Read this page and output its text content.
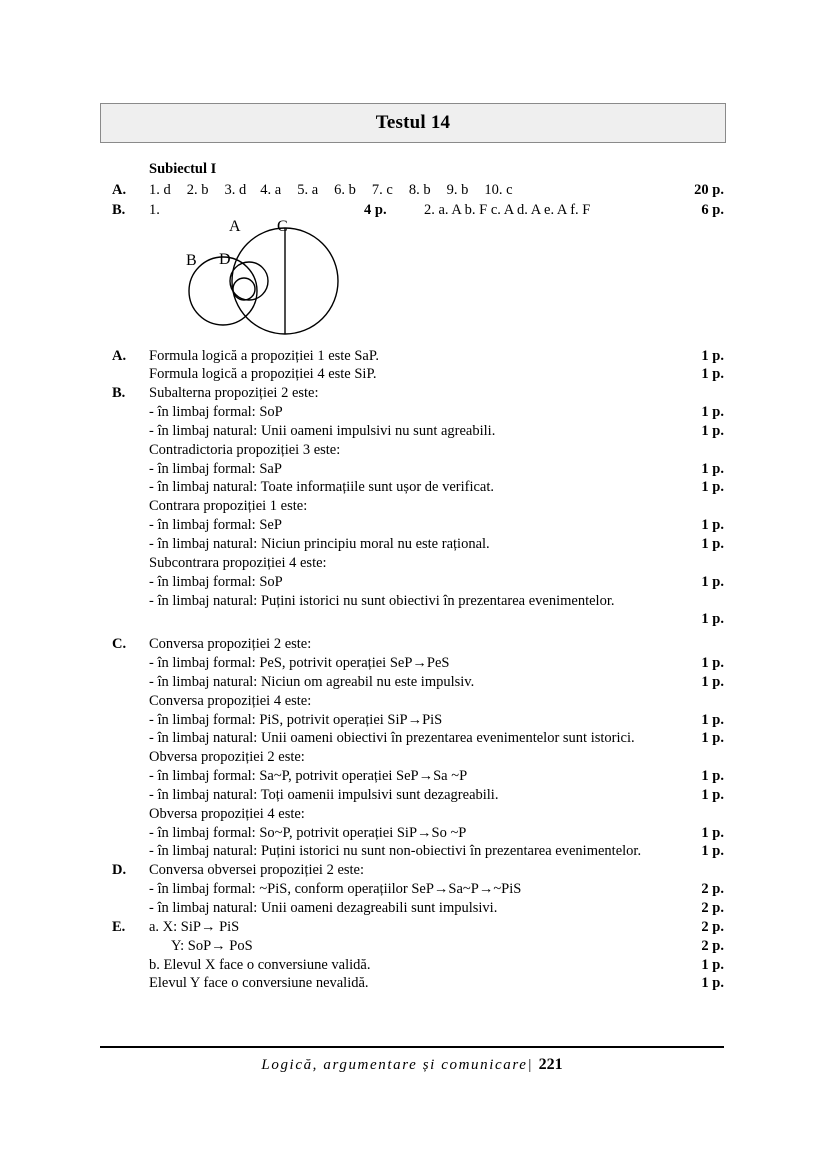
Testul 14
Subiectul I
A.	1. d 2. b 3. d 4. a 5. a 6. b 7. c 8. b 9. b 10. c	20 p.
B.	1.	4 p.	2. a. A b. F c. A d. A e. A f. F	6 p.
A C
B D
A.	Formula logică a propoziției 1 este SaP.	1 p.
Formula logică a propoziției 4 este SiP.	1 p.
B.	Subalterna propoziției 2 este:
- în limbaj formal: SoP	1 p.
- în limbaj natural: Unii oameni impulsivi nu sunt agreabili.	1 p.
Contradictoria propoziției 3 este:
- în limbaj formal: SaP	1 p.
- în limbaj natural: Toate informațiile sunt ușor de verificat.	1 p.
Contrara propoziției 1 este:
- în limbaj formal: SeP	1 p.
- în limbaj natural: Niciun principiu moral nu este rațional.	1 p.
Subcontrara propoziției 4 este:
- în limbaj formal: SoP	1 p.
- în limbaj natural: Puțini istorici nu sunt obiectivi în prezentarea evenimentelor.
1 p.
C.	Conversa propoziției 2 este:
- în limbaj formal: PeS, potrivit operației SeP→PeS	1 p.
- în limbaj natural: Niciun om agreabil nu este impulsiv.	1 p.
Conversa propoziției 4 este:
- în limbaj formal: PiS, potrivit operației SiP→PiS	1 p.
- în limbaj natural: Unii oameni obiectivi în prezentarea evenimentelor sunt istorici.	1 p.
Obversa propoziției 2 este:
- în limbaj formal: Sa~P, potrivit operației SeP→Sa ~P	1 p.
- în limbaj natural: Toți oamenii impulsivi sunt dezagreabili.	1 p.
Obversa propoziției 4 este:
- în limbaj formal: So~P, potrivit operației SiP→So ~P	1 p.
- în limbaj natural: Puțini istorici nu sunt non-obiectivi în prezentarea evenimentelor.	1 p.
D.	Conversa obversei propoziției 2 este:
- în limbaj formal: ~PiS, conform operațiilor SeP→Sa~P→~PiS	2 p.
- în limbaj natural: Unii oameni dezagreabili sunt impulsivi.	2 p.
E.	a. X: SiP→ PiS	2 p.
Y: SoP→ PoS	2 p.
b. Elevul X face o conversiune validă.	1 p.
Elevul Y face o conversiune nevalidă.	1 p.
Logică, argumentare și comunicare| 221
